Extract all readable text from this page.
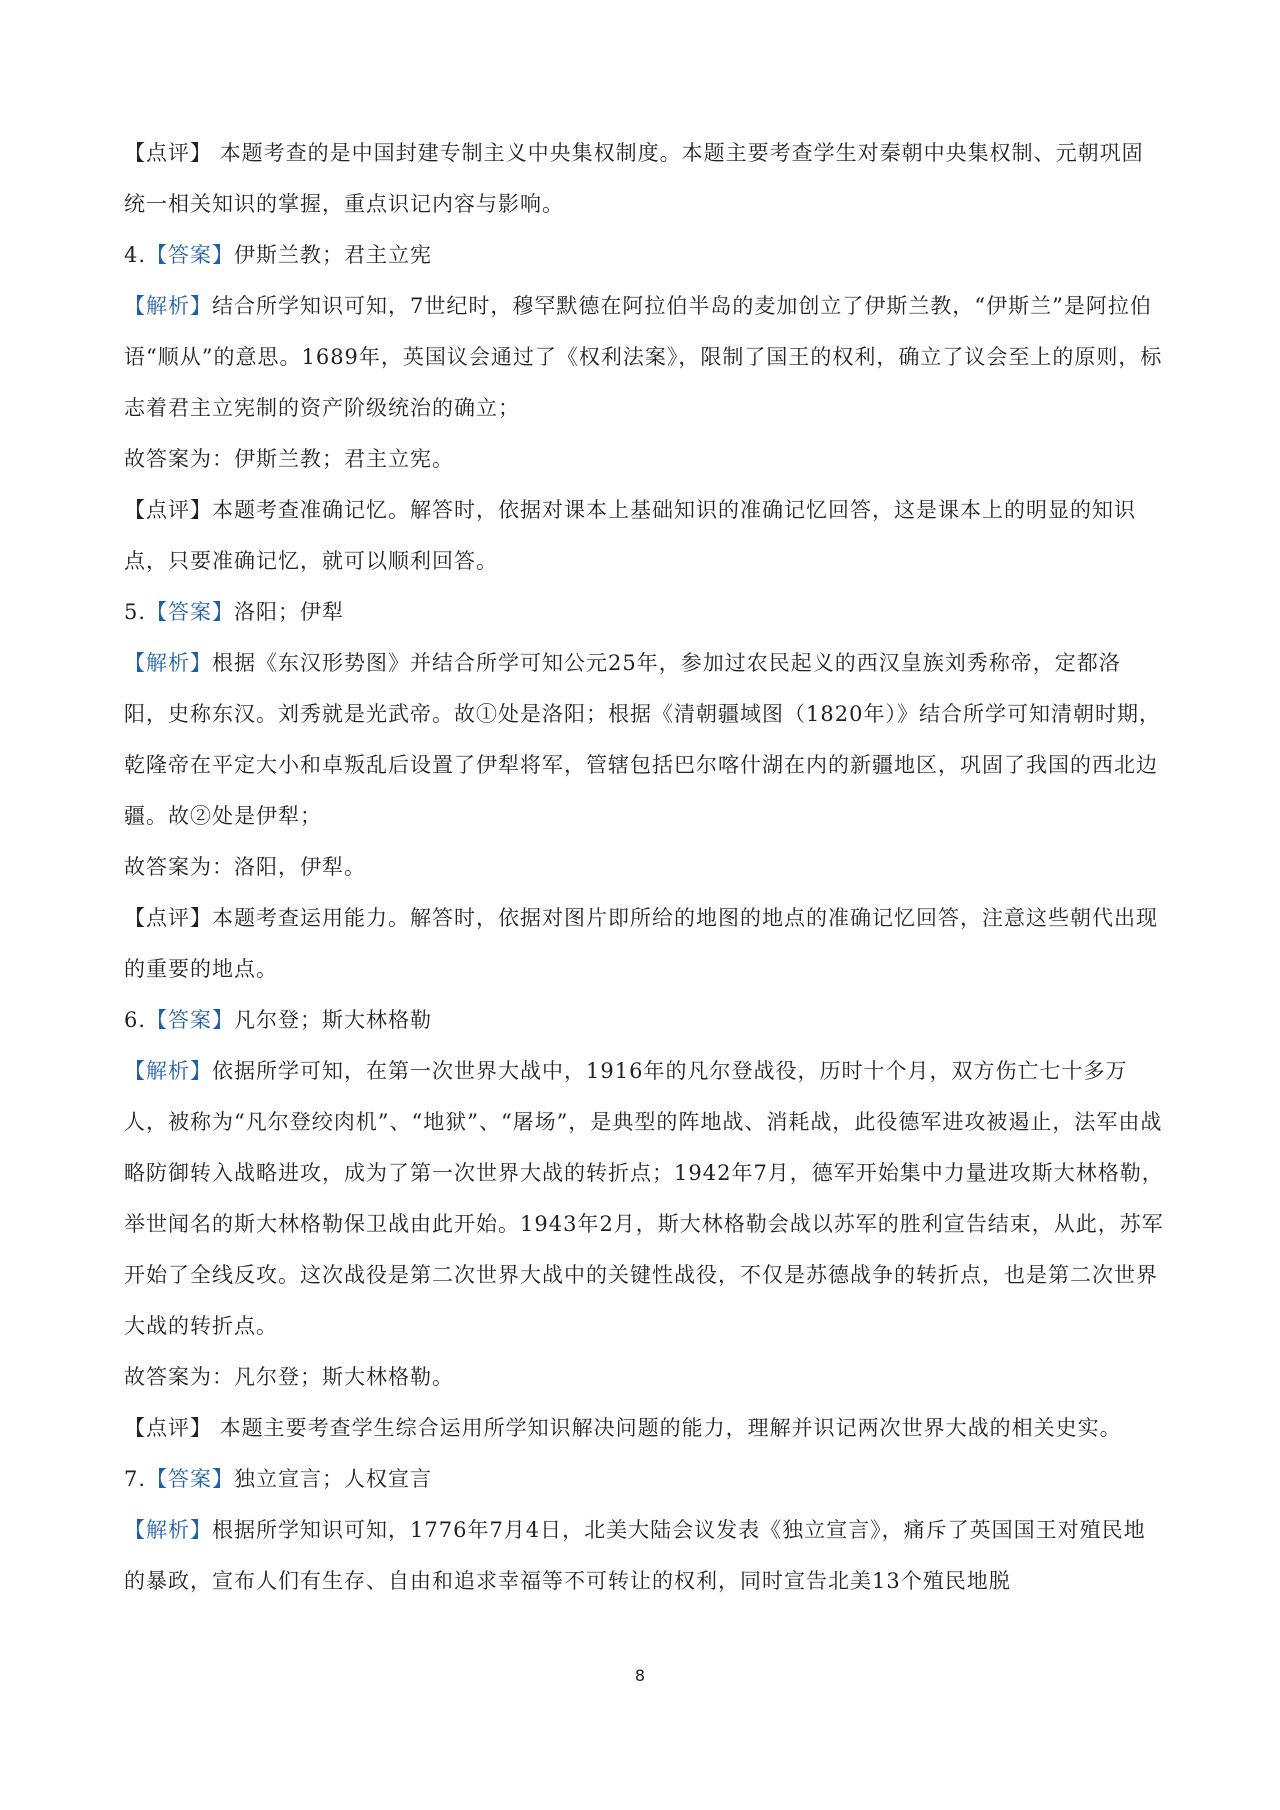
【点评】 本题考查的是中国封建专制主义中央集权制度。本题主要考查学生对秦朝中央集权制、元朝巩固统一相关知识的掌握，重点识记内容与影响。

4.【答案】伊斯兰教；君主立宪

【解析】结合所学知识可知，7世纪时，穆罕默德在阿拉伯半岛的麦加创立了伊斯兰教，“伊斯兰”是阿拉伯语“顺从”的意思。1689年，英国议会通过了《权利法案》，限制了国王的权利，确立了议会至上的原则，标志着君主立宪制的资产阶级统治的确立；

故答案为：伊斯兰教；君主立宪。

【点评】本题考查准确记忆。解答时，依据对课本上基础知识的准确记忆回答，这是课本上的明显的知识点，只要准确记忆，就可以顺利回答。

5.【答案】洛阳；伊犁

【解析】根据《东汉形势图》并结合所学可知公元25年，参加过农民起义的西汉皇族刘秀称帝，定都洛阳，史称东汉。刘秀就是光武帝。故①处是洛阳；根据《清朝疆域图（1820年）》结合所学可知清朝时期，乾隆帝在平定大小和卓叛乱后设置了伊犁将军，管辖包括巴尔喀什湖在内的新疆地区，巩固了我国的西北边疆。故②处是伊犁；

故答案为：洛阳，伊犁。

【点评】本题考查运用能力。解答时，依据对图片即所给的地图的地点的准确记忆回答，注意这些朝代出现的重要的地点。

6.【答案】凡尔登；斯大林格勒

【解析】依据所学可知，在第一次世界大战中，1916年的凡尔登战役，历时十个月，双方伤亡七十多万人，被称为“凡尔登绞肉机”、“地狱”、“屠场”，是典型的阵地战、消耗战，此役德军进攻被遏止，法军由战略防御转入战略进攻，成为了第一次世界大战的转折点；1942年7月，德军开始集中力量进攻斯大林格勒，举世闻名的斯大林格勒保卫战由此开始。1943年2月，斯大林格勒会战以苏军的胜利宣告结束，从此，苏军开始了全线反攻。这次战役是第二次世界大战中的关键性战役，不仅是苏德战争的转折点，也是第二次世界大战的转折点。

故答案为：凡尔登；斯大林格勒。

【点评】 本题主要考查学生综合运用所学知识解决问题的能力，理解并识记两次世界大战的相关史实。

7.【答案】独立宣言；人权宣言

【解析】根据所学知识可知，1776年7月4日，北美大陆会议发表《独立宣言》，痛斥了英国国王对殖民地的暴政，宣布人们有生存、自由和追求幸福等不可转让的权利，同时宣告北美13个殖民地脱

8
